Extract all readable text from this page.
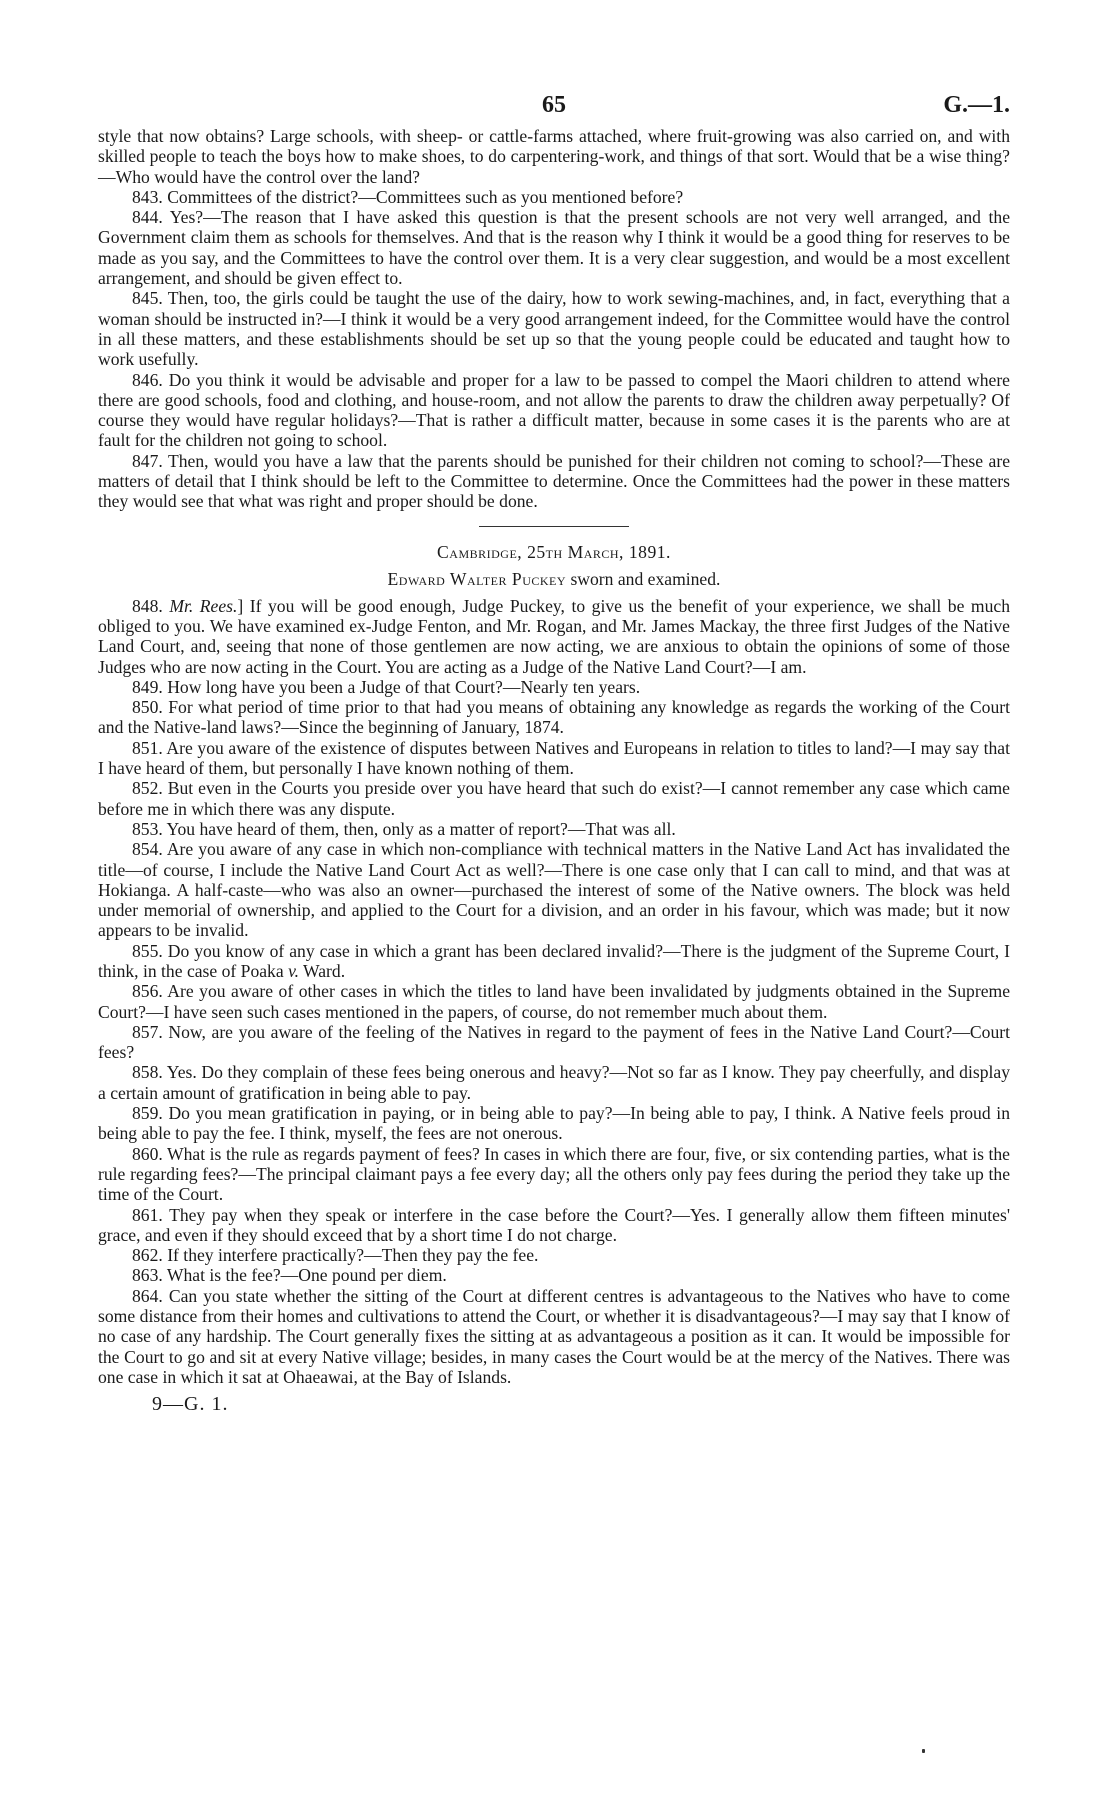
65	G.—1.

style that now obtains? Large schools, with sheep- or cattle-farms attached, where fruit-growing was also carried on, and with skilled people to teach the boys how to make shoes, to do carpentering-work, and things of that sort. Would that be a wise thing?—Who would have the control over the land?

843. Committees of the district?—Committees such as you mentioned before?

844. Yes?—The reason that I have asked this question is that the present schools are not very well arranged, and the Government claim them as schools for themselves. And that is the reason why I think it would be a good thing for reserves to be made as you say, and the Committees to have the control over them. It is a very clear suggestion, and would be a most excellent arrangement, and should be given effect to.

845. Then, too, the girls could be taught the use of the dairy, how to work sewing-machines, and, in fact, everything that a woman should be instructed in?—I think it would be a very good arrangement indeed, for the Committee would have the control in all these matters, and these establishments should be set up so that the young people could be educated and taught how to work usefully.

846. Do you think it would be advisable and proper for a law to be passed to compel the Maori children to attend where there are good schools, food and clothing, and house-room, and not allow the parents to draw the children away perpetually? Of course they would have regular holidays?—That is rather a difficult matter, because in some cases it is the parents who are at fault for the children not going to school.

847. Then, would you have a law that the parents should be punished for their children not coming to school?—These are matters of detail that I think should be left to the Committee to determine. Once the Committees had the power in these matters they would see that what was right and proper should be done.

Cambridge, 25th March, 1891.
Edward Walter Puckey sworn and examined.

848. Mr. Rees.] If you will be good enough, Judge Puckey, to give us the benefit of your experience, we shall be much obliged to you. We have examined ex-Judge Fenton, and Mr. Rogan, and Mr. James Mackay, the three first Judges of the Native Land Court, and, seeing that none of those gentlemen are now acting, we are anxious to obtain the opinions of some of those Judges who are now acting in the Court. You are acting as a Judge of the Native Land Court?—I am.

849. How long have you been a Judge of that Court?—Nearly ten years.

850. For what period of time prior to that had you means of obtaining any knowledge as regards the working of the Court and the Native-land laws?—Since the beginning of January, 1874.

851. Are you aware of the existence of disputes between Natives and Europeans in relation to titles to land?—I may say that I have heard of them, but personally I have known nothing of them.

852. But even in the Courts you preside over you have heard that such do exist?—I cannot remember any case which came before me in which there was any dispute.

853. You have heard of them, then, only as a matter of report?—That was all.

854. Are you aware of any case in which non-compliance with technical matters in the Native Land Act has invalidated the title—of course, I include the Native Land Court Act as well?—There is one case only that I can call to mind, and that was at Hokianga. A half-caste—who was also an owner—purchased the interest of some of the Native owners. The block was held under memorial of ownership, and applied to the Court for a division, and an order in his favour, which was made; but it now appears to be invalid.

855. Do you know of any case in which a grant has been declared invalid?—There is the judgment of the Supreme Court, I think, in the case of Poaka v. Ward.

856. Are you aware of other cases in which the titles to land have been invalidated by judgments obtained in the Supreme Court?—I have seen such cases mentioned in the papers, of course, do not remember much about them.

857. Now, are you aware of the feeling of the Natives in regard to the payment of fees in the Native Land Court?—Court fees?

858. Yes. Do they complain of these fees being onerous and heavy?—Not so far as I know. They pay cheerfully, and display a certain amount of gratification in being able to pay.

859. Do you mean gratification in paying, or in being able to pay?—In being able to pay, I think. A Native feels proud in being able to pay the fee. I think, myself, the fees are not onerous.

860. What is the rule as regards payment of fees? In cases in which there are four, five, or six contending parties, what is the rule regarding fees?—The principal claimant pays a fee every day; all the others only pay fees during the period they take up the time of the Court.

861. They pay when they speak or interfere in the case before the Court?—Yes. I generally allow them fifteen minutes' grace, and even if they should exceed that by a short time I do not charge.

862. If they interfere practically?—Then they pay the fee.

863. What is the fee?—One pound per diem.

864. Can you state whether the sitting of the Court at different centres is advantageous to the Natives who have to come some distance from their homes and cultivations to attend the Court, or whether it is disadvantageous?—I may say that I know of no case of any hardship. The Court generally fixes the sitting at as advantageous a position as it can. It would be impossible for the Court to go and sit at every Native village; besides, in many cases the Court would be at the mercy of the Natives. There was one case in which it sat at Ohaeawai, at the Bay of Islands.

9—G. 1.
